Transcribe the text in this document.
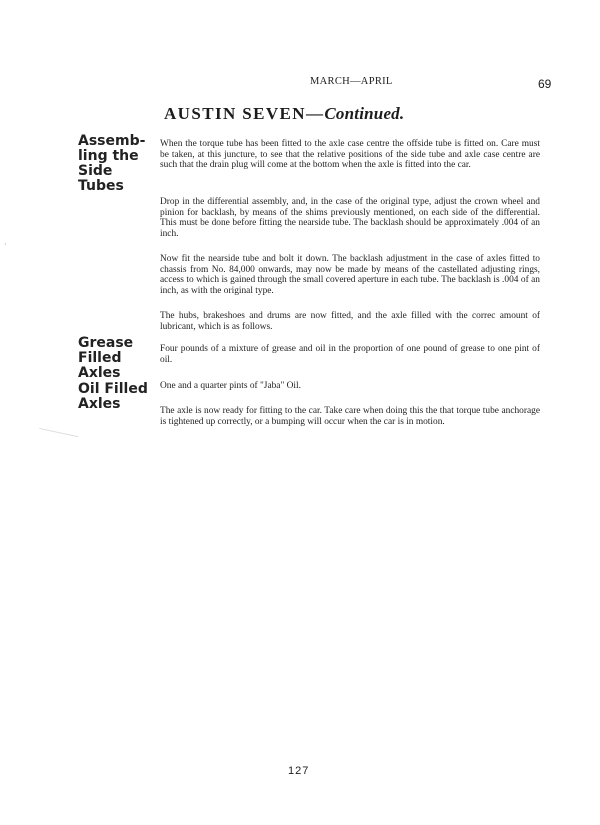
MARCH—APRIL	69
AUSTIN SEVEN—Continued.
Assemb-
ling the
Side
Tubes
Grease
Filled
Axles
Oil Filled
Axles
When the torque tube has been fitted to the axle case centre the offside tube is fitted on. Care must be taken, at this juncture, to see that the relative positions of the side tube and axle case centre are such that the drain plug will come at the bottom when the axle is fitted into the car.
Drop in the differential assembly, and, in the case of the original type, adjust the crown wheel and pinion for backlash, by means of the shims previously mentioned, on each side of the differential. This must be done before fitting the nearside tube. The backlash should be approximately .004 of an inch.
Now fit the nearside tube and bolt it down. The backlash adjustment in the case of axles fitted to chassis from No. 84,000 onwards, may now be made by means of the castellated adjusting rings, access to which is gained through the small covered aperture in each tube. The backlash is .004 of an inch, as with the original type.
The hubs, brakeshoes and drums are now fitted, and the axle filled with the correc amount of lubricant, which is as follows.
Four pounds of a mixture of grease and oil in the proportion of one pound of grease to one pint of oil.
One and a quarter pints of "Jaba" Oil.
The axle is now ready for fitting to the car. Take care when doing this the that torque tube anchorage is tightened up correctly, or a bumping will occur when the car is in motion.
127
·
